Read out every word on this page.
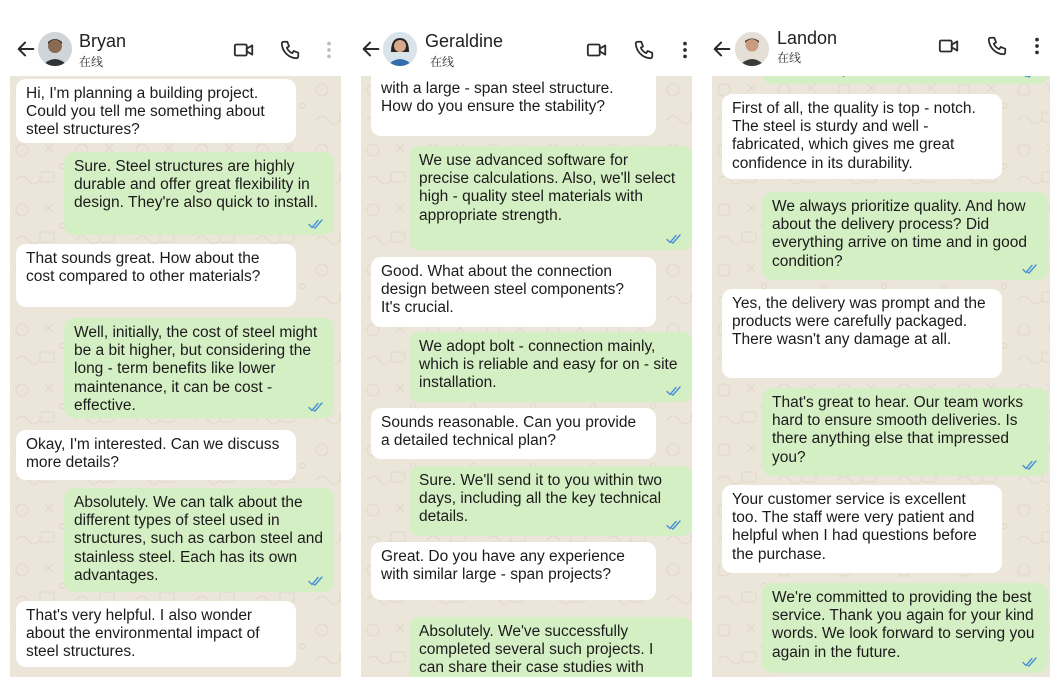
Bryan
在线
Hi, I'm planning a building project. Could you tell me something about steel structures?
Sure. Steel structures are highly durable and offer great flexibility in design. They're also quick to install.
That sounds great. How about the cost compared to other materials?
Well, initially, the cost of steel might be a bit higher, but considering the long - term benefits like lower maintenance, it can be cost - effective.
Okay, I'm interested. Can we discuss more details?
Absolutely. We can talk about the different types of steel used in structures, such as carbon steel and stainless steel. Each has its own advantages.
That's very helpful. I also wonder about the environmental impact of steel structures.
Geraldine
在线
with a large - span steel structure. How do you ensure the stability?
We use advanced software for precise calculations. Also, we'll select high - quality steel materials with appropriate strength.
Good. What about the connection design between steel components? It's crucial.
We adopt bolt - connection mainly, which is reliable and easy for on - site installation.
Sounds reasonable. Can you provide a detailed technical plan?
Sure. We'll send it to you within two days, including all the key technical details.
Great. Do you have any experience with similar large - span projects?
Absolutely. We've successfully completed several such projects. I can share their case studies with
Landon
在线
First of all, the quality is top - notch. The steel is sturdy and well - fabricated, which gives me great confidence in its durability.
We always prioritize quality. And how about the delivery process? Did everything arrive on time and in good condition?
Yes, the delivery was prompt and the products were carefully packaged. There wasn't any damage at all.
That's great to hear. Our team works hard to ensure smooth deliveries. Is there anything else that impressed you?
Your customer service is excellent too. The staff were very patient and helpful when I had questions before the purchase.
We're committed to providing the best service. Thank you again for your kind words. We look forward to serving you again in the future.
